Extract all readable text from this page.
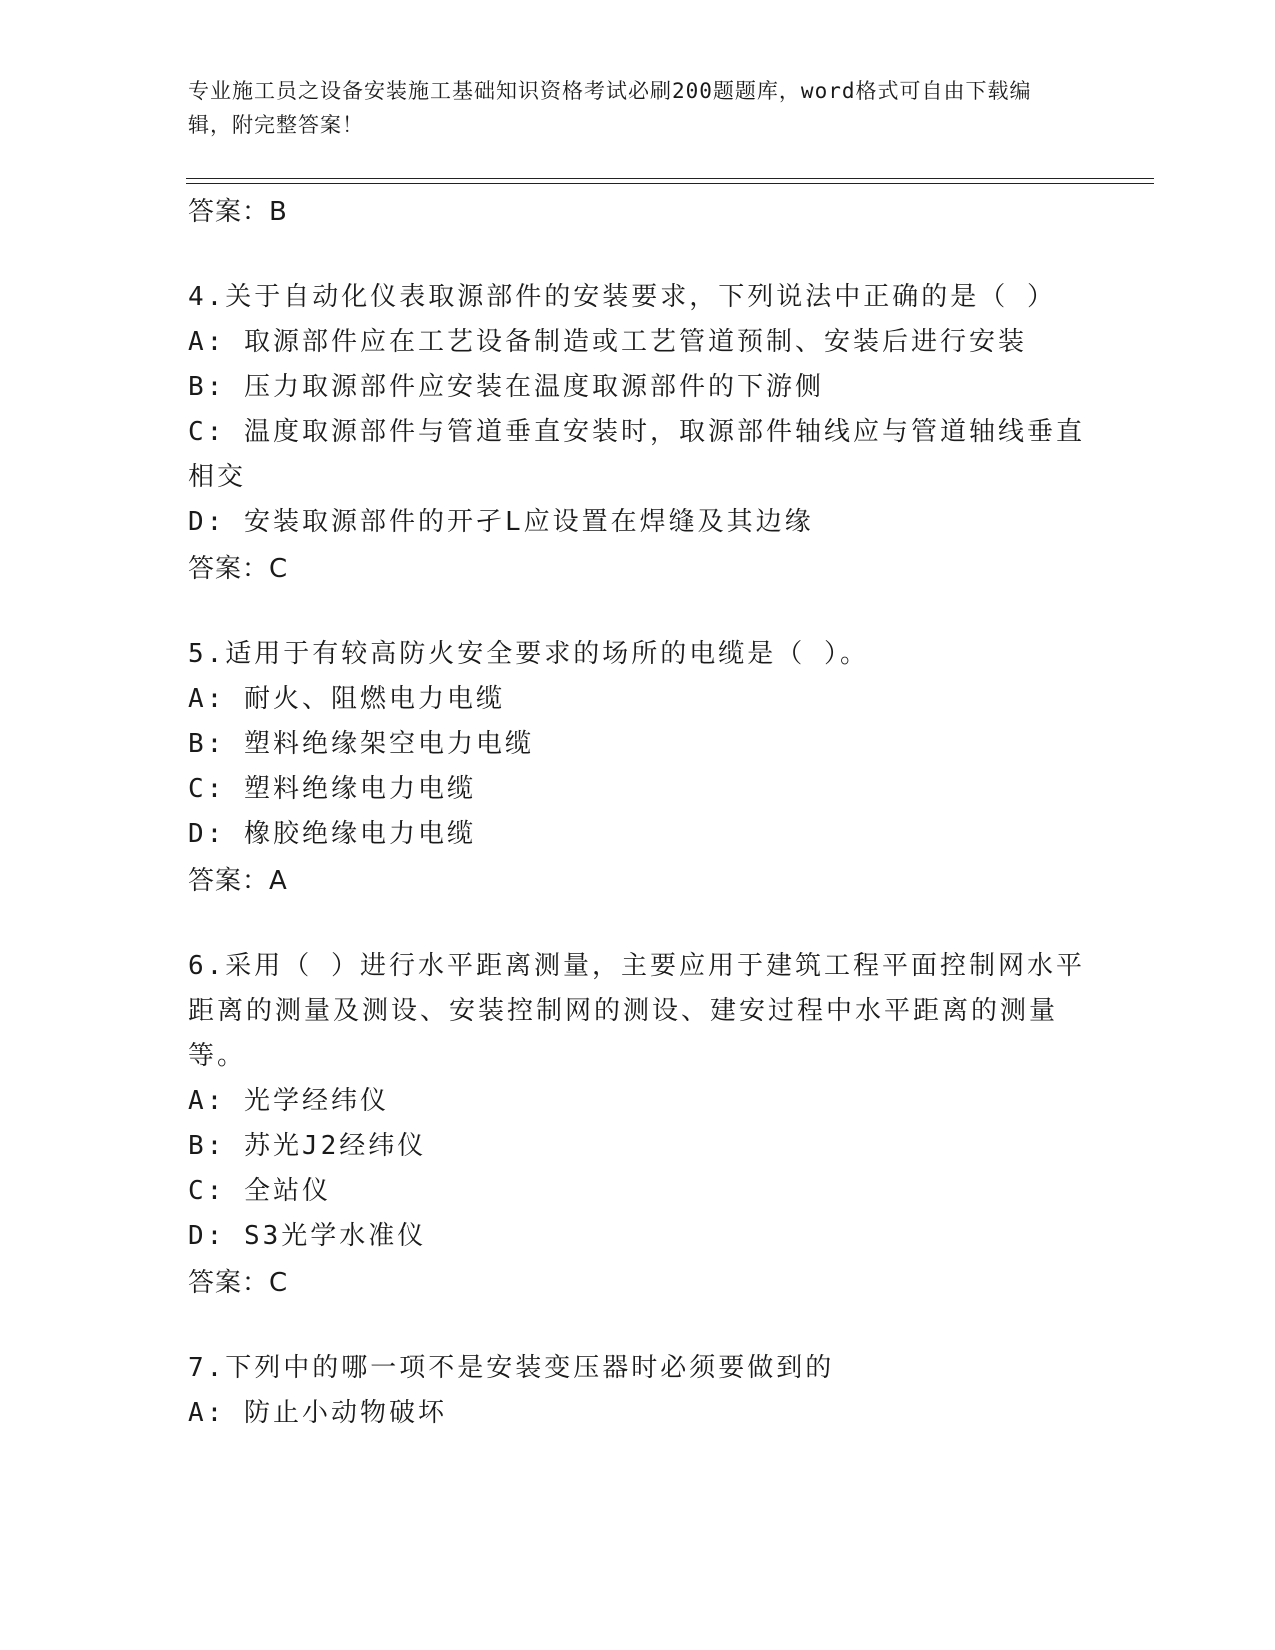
专业施工员之设备安装施工基础知识资格考试必刷200题题库，word格式可自由下载编辑，附完整答案！
答案：B
4.关于自动化仪表取源部件的安装要求，下列说法中正确的是（ ）
A: 取源部件应在工艺设备制造或工艺管道预制、安装后进行安装
B: 压力取源部件应安装在温度取源部件的下游侧
C: 温度取源部件与管道垂直安装时，取源部件轴线应与管道轴线垂直相交
D: 安装取源部件的开孑L应设置在焊缝及其边缘
答案：C
5.适用于有较高防火安全要求的场所的电缆是（ ）。
A: 耐火、阻燃电力电缆
B: 塑料绝缘架空电力电缆
C: 塑料绝缘电力电缆
D: 橡胶绝缘电力电缆
答案：A
6.采用（ ）进行水平距离测量，主要应用于建筑工程平面控制网水平距离的测量及测设、安装控制网的测设、建安过程中水平距离的测量等。
A: 光学经纬仪
B: 苏光J2经纬仪
C: 全站仪
D: S3光学水准仪
答案：C
7.下列中的哪一项不是安装变压器时必须要做到的
A: 防止小动物破坏
